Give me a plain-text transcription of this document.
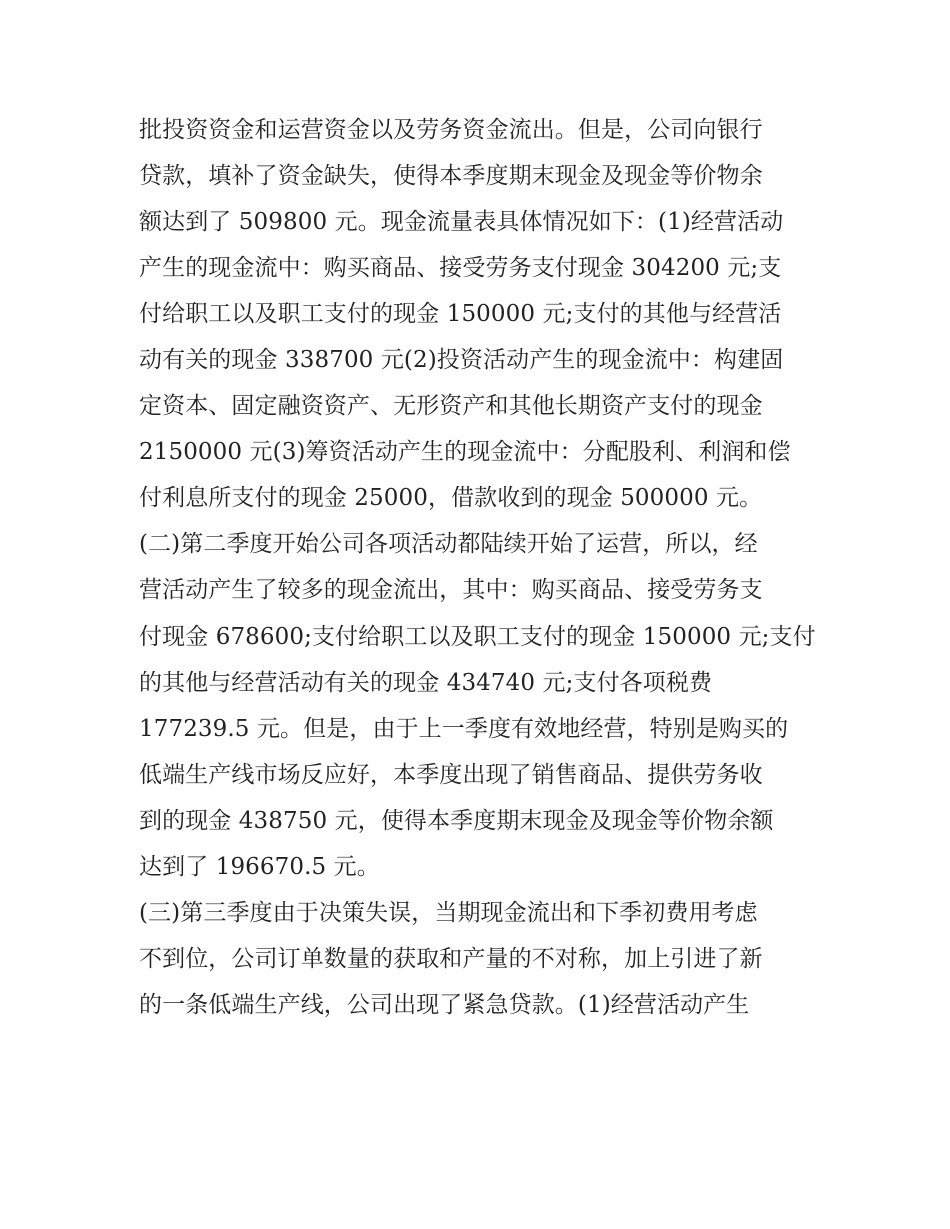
批投资资金和运营资金以及劳务资金流出。但是，公司向银行
贷款，填补了资金缺失，使得本季度期末现金及现金等价物余
额达到了 509800 元。现金流量表具体情况如下：(1)经营活动
产生的现金流中：购买商品、接受劳务支付现金 304200 元;支
付给职工以及职工支付的现金 150000 元;支付的其他与经营活
动有关的现金 338700 元(2)投资活动产生的现金流中：构建固
定资本、固定融资资产、无形资产和其他长期资产支付的现金
2150000 元(3)筹资活动产生的现金流中：分配股利、利润和偿
付利息所支付的现金 25000，借款收到的现金 500000 元。
(二)第二季度开始公司各项活动都陆续开始了运营，所以，经
营活动产生了较多的现金流出，其中：购买商品、接受劳务支
付现金 678600;支付给职工以及职工支付的现金 150000 元;支付
的其他与经营活动有关的现金 434740 元;支付各项税费
177239.5 元。但是，由于上一季度有效地经营，特别是购买的
低端生产线市场反应好，本季度出现了销售商品、提供劳务收
到的现金 438750 元，使得本季度期末现金及现金等价物余额
达到了 196670.5 元。
(三)第三季度由于决策失误，当期现金流出和下季初费用考虑
不到位，公司订单数量的获取和产量的不对称，加上引进了新
的一条低端生产线，公司出现了紧急贷款。(1)经营活动产生
